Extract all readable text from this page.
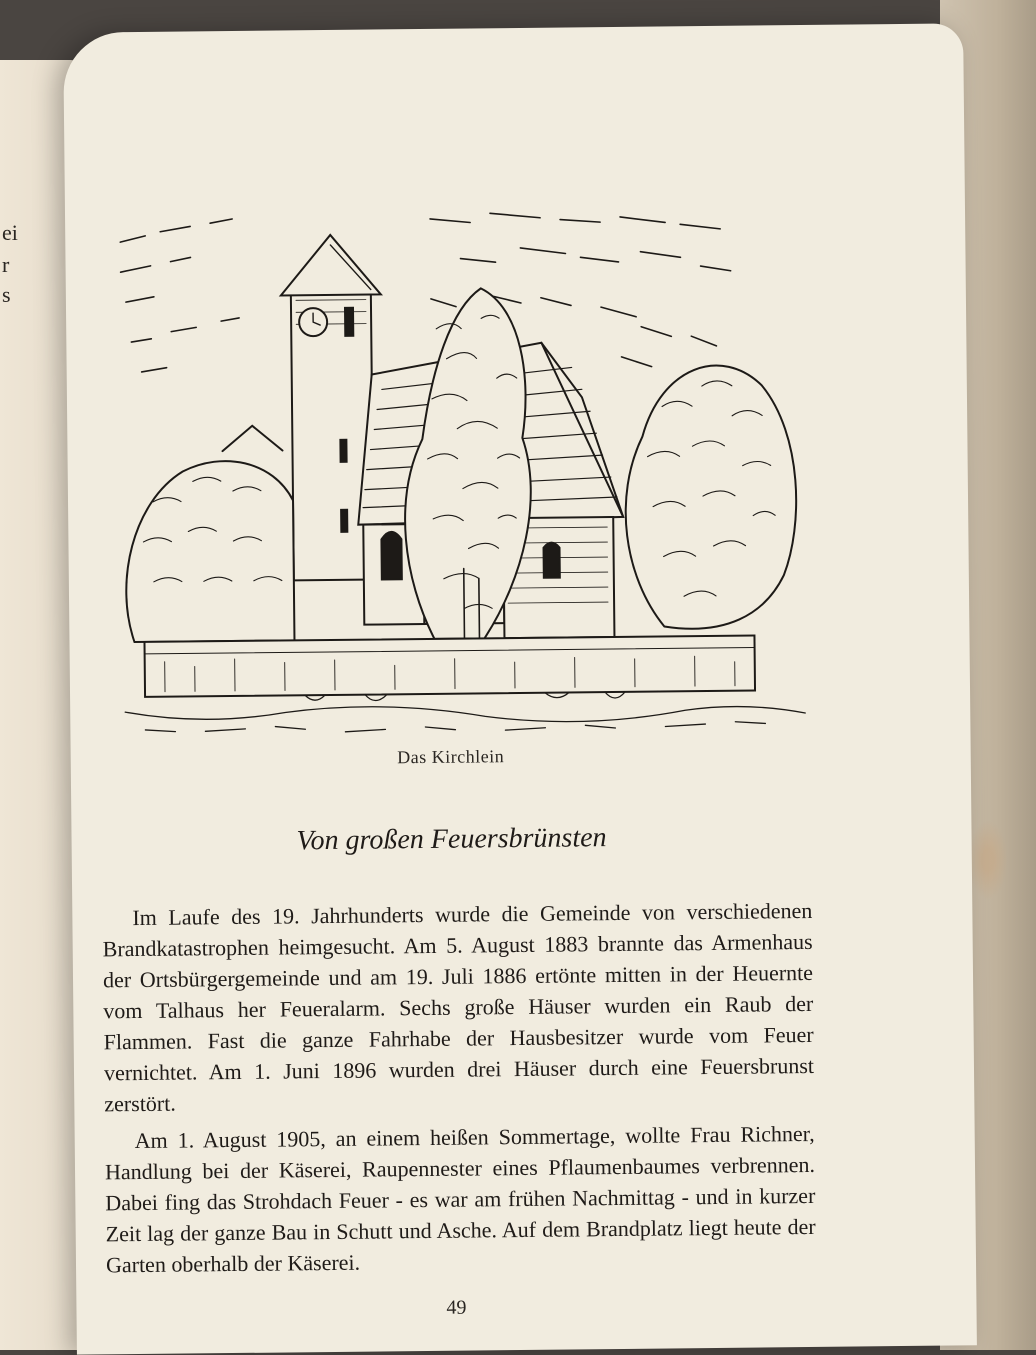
ei
r
s
Das Kirchlein
Von großen Feuersbrünsten

Im Laufe des 19. Jahrhunderts wurde die Gemeinde von verschiedenen Brandkatastrophen heimgesucht. Am 5. August 1883 brannte das Armenhaus der Ortsbürgergemeinde und am 19. Juli 1886 ertönte mitten in der Heuernte vom Talhaus her Feueralarm. Sechs große Häuser wurden ein Raub der Flammen. Fast die ganze Fahrhabe der Hausbesitzer wurde vom Feuer vernichtet. Am 1. Juni 1896 wurden drei Häuser durch eine Feuersbrunst zerstört.

Am 1. August 1905, an einem heißen Sommertage, wollte Frau Richner, Handlung bei der Käserei, Raupennester eines Pflaumenbaumes verbrennen. Dabei fing das Strohdach Feuer - es war am frühen Nachmittag - und in kurzer Zeit lag der ganze Bau in Schutt und Asche. Auf dem Brandplatz liegt heute der Garten oberhalb der Käserei.

49
